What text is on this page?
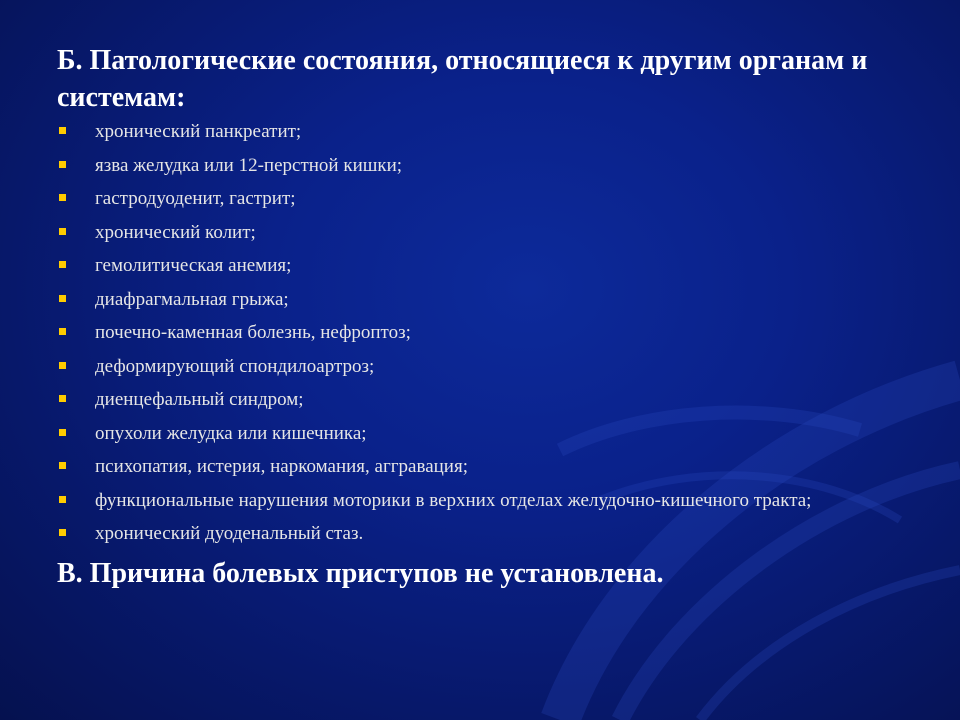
Б. Патологические состояния, относящиеся к другим органам и системам:
хронический панкреатит;
язва желудка или 12-перстной кишки;
гастродуоденит, гастрит;
хронический колит;
гемолитическая анемия;
диафрагмальная грыжа;
почечно-каменная болезнь, нефроптоз;
деформирующий спондилоартроз;
диенцефальный синдром;
опухоли желудка или кишечника;
психопатия, истерия, наркомания, аггравация;
функциональные нарушения моторики в верхних отделах желудочно-кишечного тракта;
хронический дуоденальный стаз.
В. Причина болевых приступов не установлена.
